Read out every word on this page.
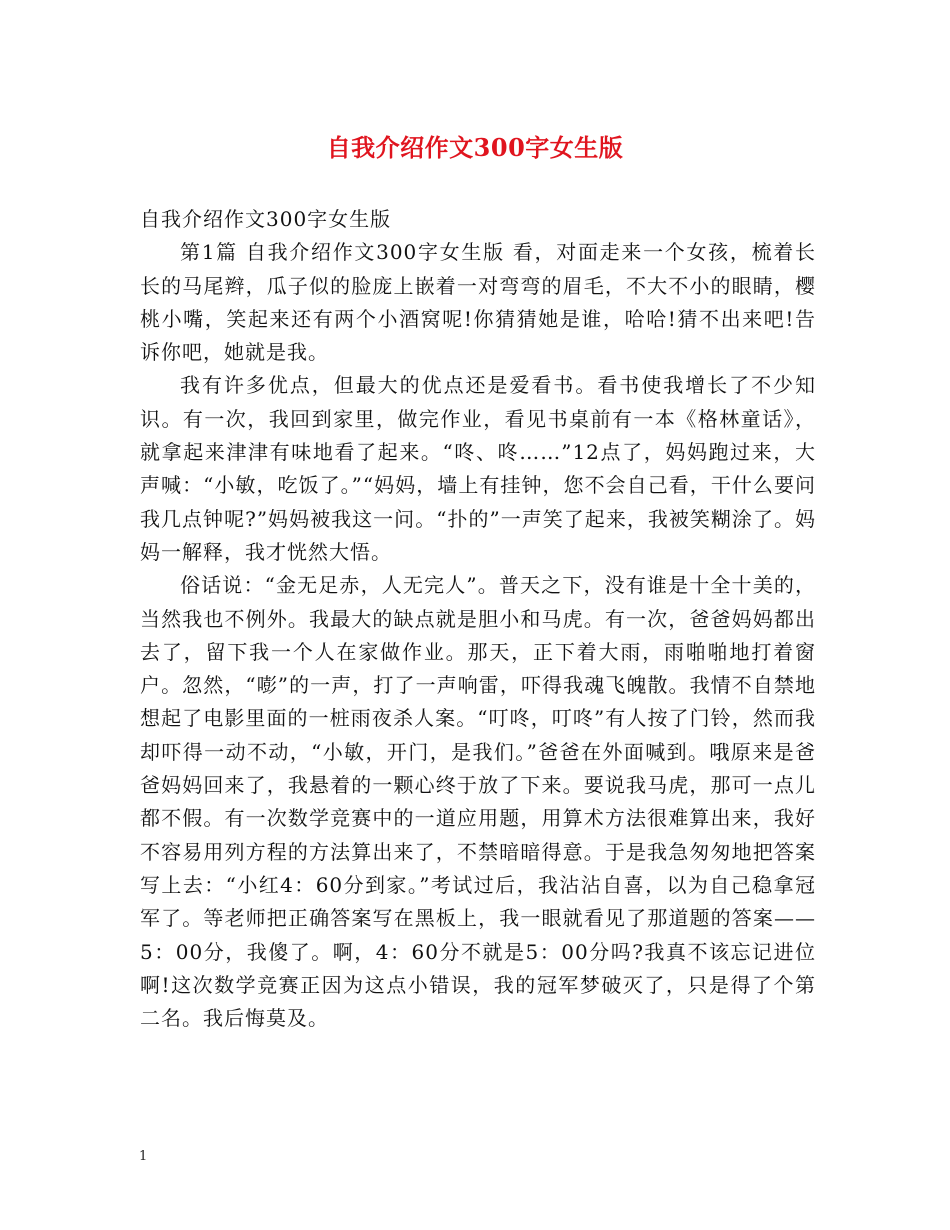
自我介绍作文300字女生版

自我介绍作文300字女生版

第1篇 自我介绍作文300字女生版 看，对面走来一个女孩，梳着长长的马尾辫，瓜子似的脸庞上嵌着一对弯弯的眉毛，不大不小的眼睛，樱桃小嘴，笑起来还有两个小酒窝呢!你猜猜她是谁，哈哈!猜不出来吧!告诉你吧，她就是我。

我有许多优点，但最大的优点还是爱看书。看书使我增长了不少知识。有一次，我回到家里，做完作业，看见书桌前有一本《格林童话》，就拿起来津津有味地看了起来。“咚、咚……”12点了，妈妈跑过来，大声喊：“小敏，吃饭了。”“妈妈，墙上有挂钟，您不会自己看，干什么要问我几点钟呢?”妈妈被我这一问。“扑的”一声笑了起来，我被笑糊涂了。妈妈一解释，我才恍然大悟。

俗话说：“金无足赤，人无完人”。普天之下，没有谁是十全十美的，当然我也不例外。我最大的缺点就是胆小和马虎。有一次，爸爸妈妈都出去了，留下我一个人在家做作业。那天，正下着大雨，雨啪啪地打着窗户。忽然，“嘭”的一声，打了一声响雷，吓得我魂飞魄散。我情不自禁地想起了电影里面的一桩雨夜杀人案。“叮咚，叮咚”有人按了门铃，然而我却吓得一动不动，“小敏，开门，是我们。”爸爸在外面喊到。哦原来是爸爸妈妈回来了，我悬着的一颗心终于放了下来。要说我马虎，那可一点儿都不假。有一次数学竞赛中的一道应用题，用算术方法很难算出来，我好不容易用列方程的方法算出来了，不禁暗暗得意。于是我急匆匆地把答案写上去：“小红4：60分到家。”考试过后，我沾沾自喜，以为自己稳拿冠军了。等老师把正确答案写在黑板上，我一眼就看见了那道题的答案——5：00分，我傻了。啊，4：60分不就是5：00分吗?我真不该忘记进位啊!这次数学竞赛正因为这点小错误，我的冠军梦破灭了，只是得了个第二名。我后悔莫及。

1
